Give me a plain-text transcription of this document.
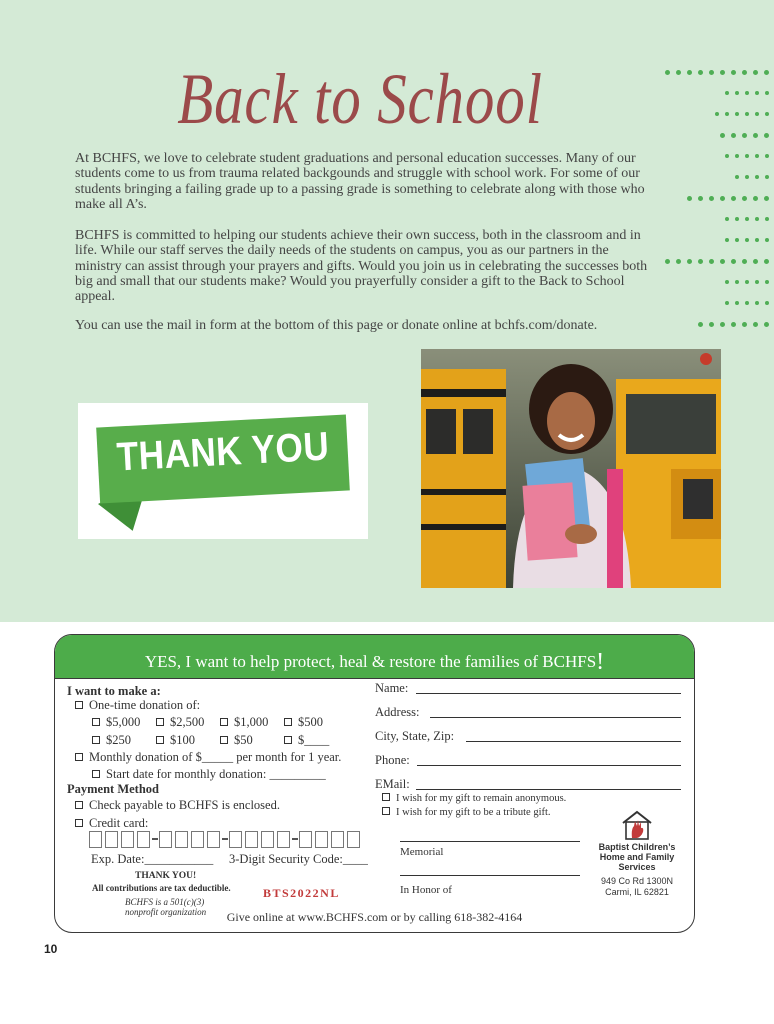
Back to School

At BCHFS, we love to celebrate student graduations and personal education successes. Many of our students come to us from trauma related backgounds and struggle with school work. For some of our students bringing a failing grade up to a passing grade is something to celebrate along with those who make all A’s.

BCHFS is committed to helping our students achieve their own success, both in the classroom and in life. While our staff serves the daily needs of the students on campus, you as our partners in the ministry can assist through your prayers and gifts. Would you join us in celebrating the successes both big and small that our students make? Would you prayerfully consider a gift to the Back to School appeal.

You can use the mail in form at the bottom of this page or donate online at bchfs.com/donate.

THANK YOU
YES, I want to help protect, heal & restore the families of BCHFS!
I want to make a:
One-time donation of:
$5,000	$2,500	$1,000	$500
$250	$100	$50	$____
Monthly donation of $_____ per month for 1 year.
Start date for monthly donation: _________
Payment Method
Check payable to BCHFS is enclosed.
Credit card:
Exp. Date:___________ 3-Digit Security Code:____
THANK YOU!
All contributions are tax deductible.
BCHFS is a 501(c)(3)
nonprofit organization
BTS2022NL
Name:
Address:
City, State, Zip:
Phone:
EMail:
I wish for my gift to remain anonymous.
I wish for my gift to be a tribute gift.
Memorial
In Honor of
Baptist Children’s Home and Family Services
949 Co Rd 1300N
Carmi, IL 62821
Give online at www.BCHFS.com or by calling 618-382-4164
10
